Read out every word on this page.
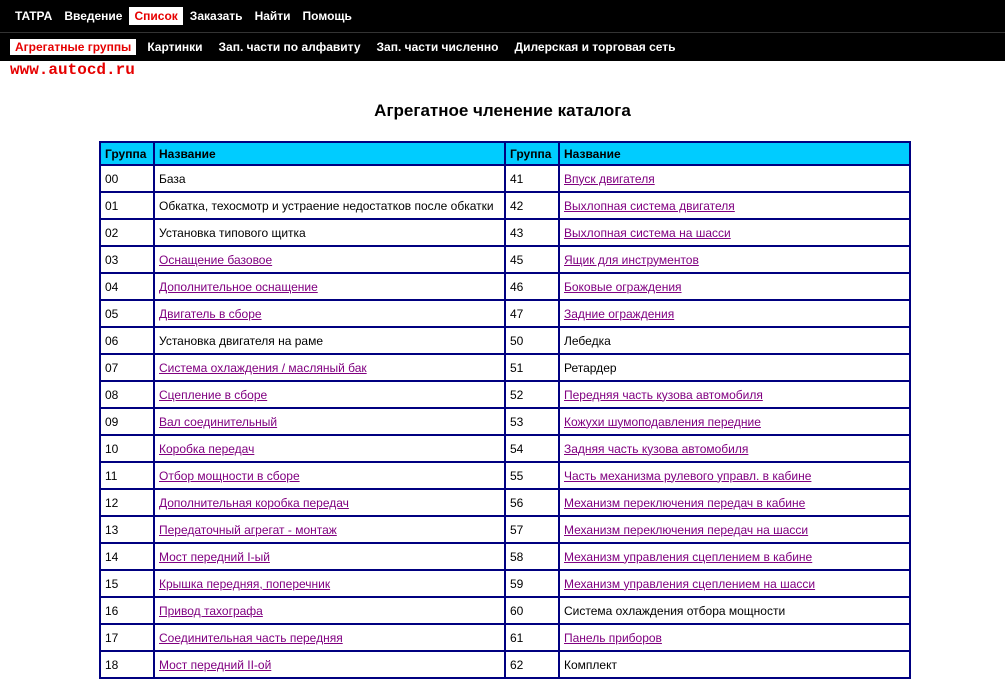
TATPA	Введение	Список	Заказать	Найти	Помощь
Агрегатные группы	Картинки	Зап. части по алфавиту	Зап. части численно	Дилерская и торговая сеть
www.autocd.ru
Агрегатное членение каталога
Группа	Название	Группа	Название
00	База	41	Впуск двигателя
01	Обкатка, техосмотр и устраение недостатков после обкатки	42	Выхлопная система двигателя
02	Установка типового щитка	43	Выхлопная система на шасси
03	Оснащение базовое	45	Ящик для инструментов
04	Дополнительное оснащение	46	Боковые ограждения
05	Двигатель в сборе	47	Задние ограждения
06	Установка двигателя на раме	50	Лебедка
07	Система охлаждения / масляный бак	51	Ретардер
08	Сцепление в сборе	52	Передняя часть кузова автомобиля
09	Вал соединительный	53	Кожухи шумоподавления передние
10	Коробка передач	54	Задняя часть кузова автомобиля
11	Отбор мощности в сборе	55	Часть механизма рулевого управл. в кабине
12	Дополнительная коробка передач	56	Механизм переключения передач в кабине
13	Передаточный агрегат - монтаж	57	Механизм переключения передач на шасси
14	Мост передний I-ый	58	Механизм управления сцеплением в кабине
15	Крышка передняя, поперечник	59	Механизм управления сцеплением на шасси
16	Привод тахографа	60	Система охлаждения отбора мощности
17	Соединительная часть передняя	61	Панель приборов
18	Мост передний II-ой	62	Комплект
